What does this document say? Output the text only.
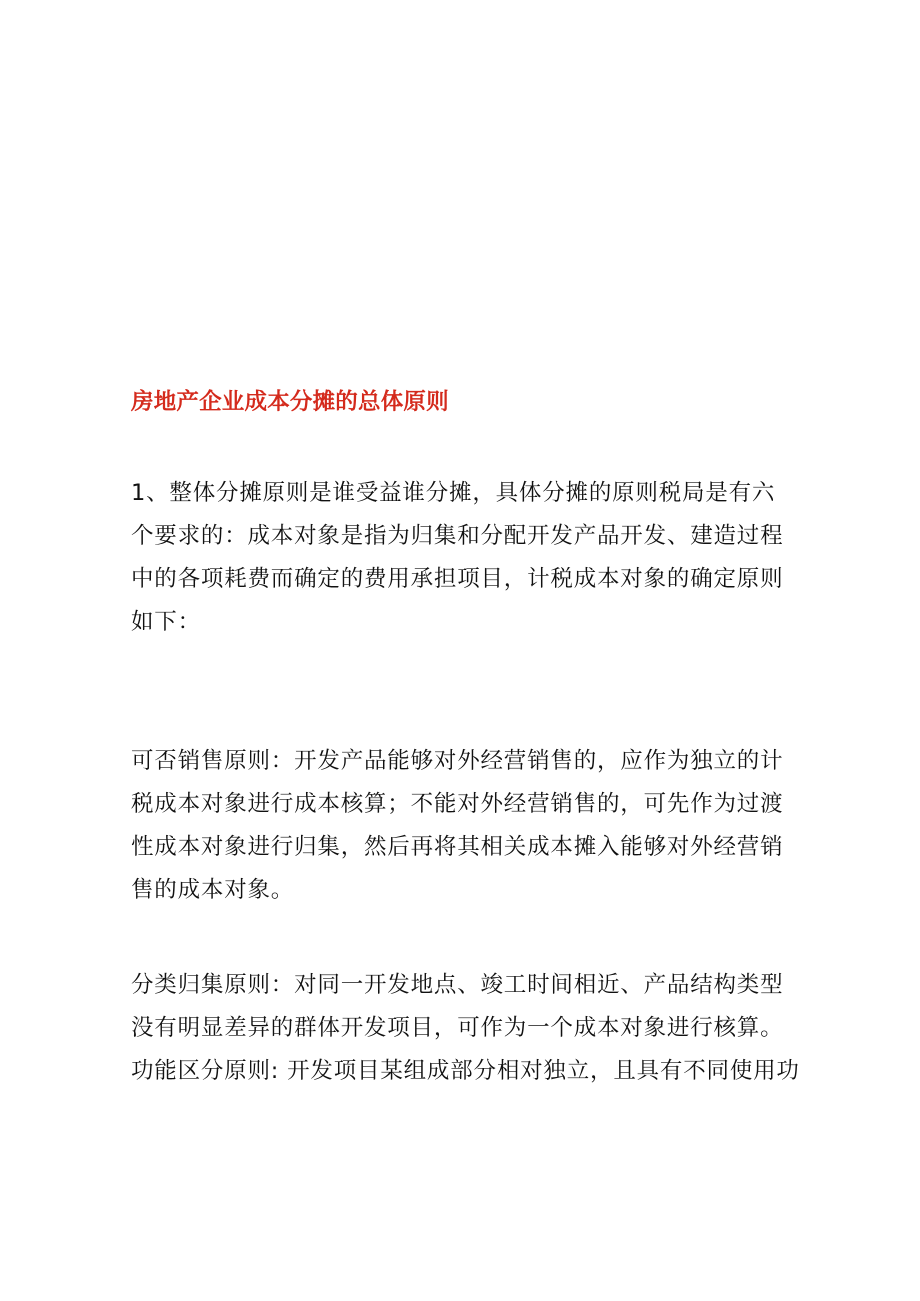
房地产企业成本分摊的总体原则

1、整体分摊原则是谁受益谁分摊，具体分摊的原则税局是有六
个要求的：成本对象是指为归集和分配开发产品开发、建造过程
中的各项耗费而确定的费用承担项目，计税成本对象的确定原则
如下：

可否销售原则：开发产品能够对外经营销售的，应作为独立的计
税成本对象进行成本核算；不能对外经营销售的，可先作为过渡
性成本对象进行归集，然后再将其相关成本摊入能够对外经营销
售的成本对象。

分类归集原则：对同一开发地点、竣工时间相近、产品结构类型
没有明显差异的群体开发项目，可作为一个成本对象进行核算。
功能区分原则: 开发项目某组成部分相对独立，且具有不同使用功
